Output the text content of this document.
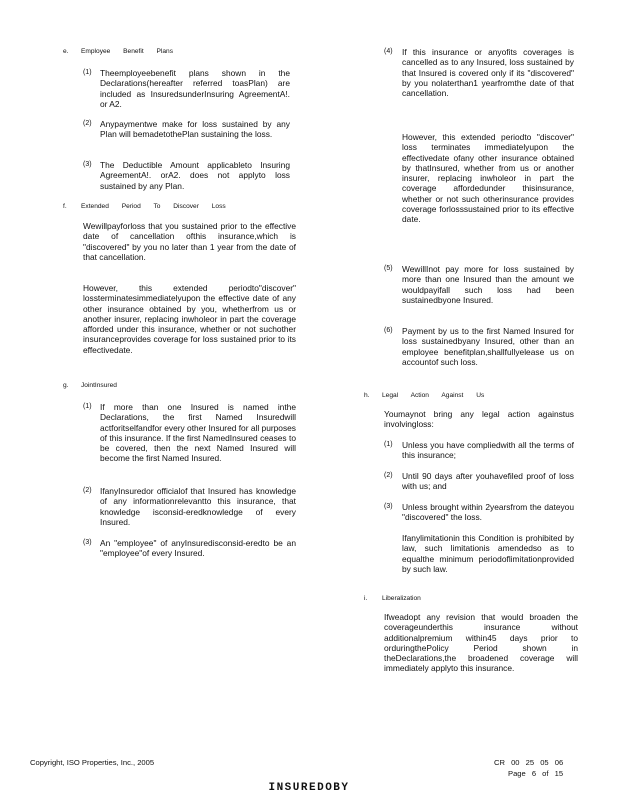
e. Employee Benefit Plans
(1) Theemployeebenefit plans shown in the Declarations(hereafter referred toasPlan) are included as InsuredsunderInsuring AgreementA!. or A2.

(2) Anypaymentwe make for loss sustained by any Plan will bemadetothePlan sustaining the loss.

(3) The Deductible Amount applicableto Insuring AgreementA!. orA2. does not applyto loss sustained by any Plan.

f. Extended Period To Discover Loss

Wewillpayforloss that you sustained prior to the effective date of cancellation ofthis insurance,which is "discovered" by you no later than 1 year from the date of that cancellation.

However, this extended periodto"discover" lossterminatesimmediatelyupon the effective date of any other insurance obtained by you, whetherfrom us or another insurer, replacing inwholeor in part the coverage afforded under this insurance, whether or not suchother insuranceprovides coverage for loss sustained prior to its effectivedate.

g. JointInsured
(1) If more than one Insured is named inthe Declarations, the first Named Insuredwill actforitselfandfor every other Insured for all purposes of this insurance. If the first NamedInsured ceases to be covered, then the next Named Insured will become the first Named Insured.

(2) IfanyInsuredor officialof that Insured has knowledge of any informationrelevantto this insurance, that knowledge isconsid-eredknowledge of every Insured.

(3) An "employee" of anyInsuredisconsid-eredto be an "employee"of every Insured.

(4) If this insurance or anyofits coverages is cancelled as to any Insured, loss sustained by that Insured is covered only if its "discovered" by you nolaterthan1 yearfromthe date of that cancellation.

However, this extended periodto "discover" loss terminates immediatelyupon the effectivedate ofany other insurance obtained by thatInsured, whether from us or another insurer, replacing inwholeor in part the coverage affordedunder thisinsurance, whether or not such otherinsurance provides coverage forlosssustained prior to its effective date.

(5) WewillInot pay more for loss sustained by more than one Insured than the amount we wouldpayifall such loss had been sustainedbyone Insured.

(6) Payment by us to the first Named Insured for loss sustainedbyany Insured, other than an employee benefitplan,shallfullyelease us on accountof such loss.

h. Legal Action Against Us

Youmaynot bring any legal action againstus involvingloss:

(1) Unless you have compliedwith all the terms of this insurance;

(2) Until 90 days after youhavefiled proof of loss with us; and

(3) Unless brought within 2yearsfrom the dateyou "discovered" the loss.

Ifanylimitationin this Condition is prohibited by law, such limitationis amendedso as to equalthe minimum periodoflimitationprovided by such law.

i. Liberalization

Ifweadopt any revision that would broaden the coverageunderthis insurance without additionalpremium within45 days prior to orduringthePolicy Period shown in theDeclarations,the broadened coverage will immediately applyto this insurance.

Copyright, ISO Properties, Inc., 2005	CR 00 25 05 06
Page 6 of 15
INSUREDOBY
